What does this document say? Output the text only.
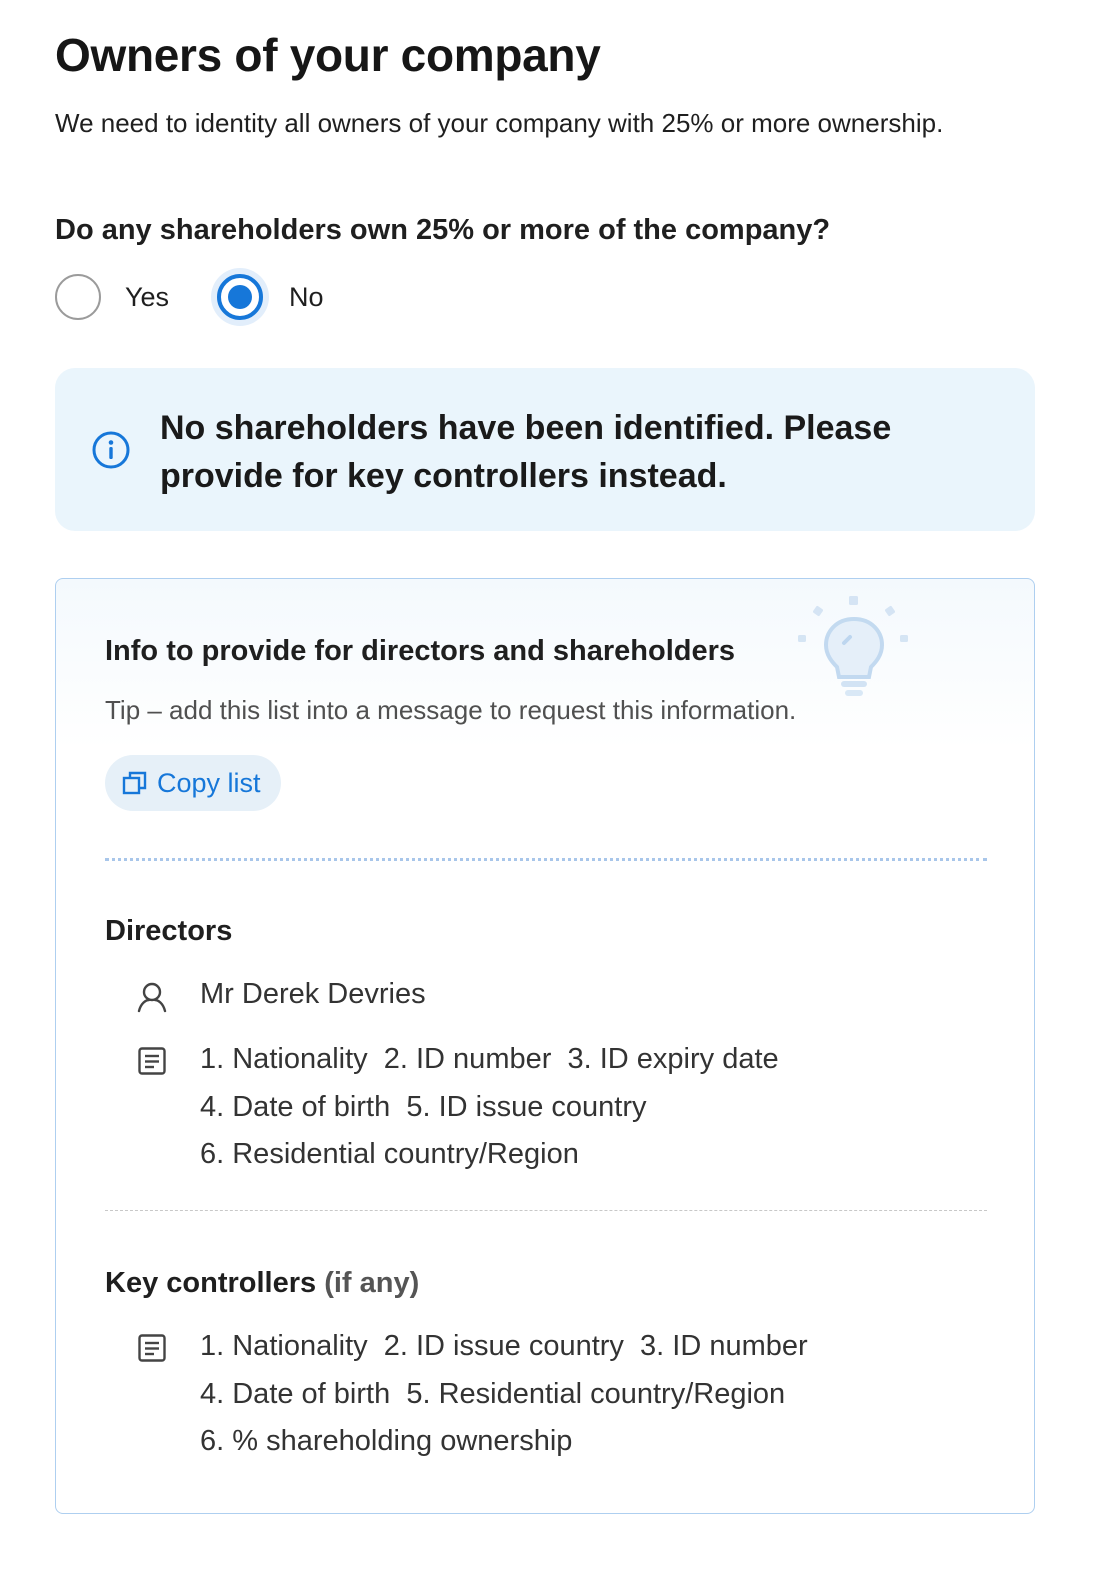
Owners of your company

We need to identity all owners of your company with 25% or more ownership.

Do any shareholders own 25% or more of the company?
Yes	No
No shareholders have been identified. Please provide for key controllers instead.
Info to provide for directors and shareholders
Tip – add this list into a message to request this information.
Copy list
Directors
Mr Derek Devries
1. Nationality  2. ID number  3. ID expiry date
4. Date of birth  5. ID issue country
6. Residential country/Region
Key controllers (if any)
1. Nationality  2. ID issue country  3. ID number
4. Date of birth  5. Residential country/Region
6. % shareholding ownership
